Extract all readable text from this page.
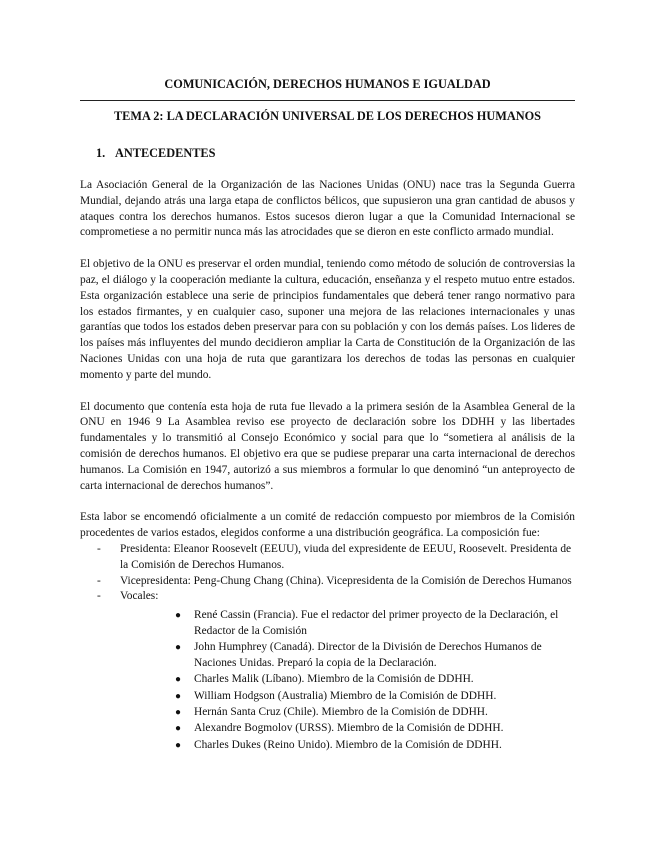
COMUNICACIÓN, DERECHOS HUMANOS E IGUALDAD
TEMA 2: LA DECLARACIÓN UNIVERSAL DE LOS DERECHOS HUMANOS
1. ANTECEDENTES

La Asociación General de la Organización de las Naciones Unidas (ONU) nace tras la Segunda Guerra Mundial, dejando atrás una larga etapa de conflictos bélicos, que supusieron una gran cantidad de abusos y ataques contra los derechos humanos. Estos sucesos dieron lugar a que la Comunidad Internacional se comprometiese a no permitir nunca más las atrocidades que se dieron en este conflicto armado mundial.

El objetivo de la ONU es preservar el orden mundial, teniendo como método de solución de controversias la paz, el diálogo y la cooperación mediante la cultura, educación, enseñanza y el respeto mutuo entre estados. Esta organización establece una serie de principios fundamentales que deberá tener rango normativo para los estados firmantes, y en cualquier caso, suponer una mejora de las relaciones internacionales y unas garantías que todos los estados deben preservar para con su población y con los demás países. Los lideres de los países más influyentes del mundo decidieron ampliar la Carta de Constitución de la Organización de las Naciones Unidas con una hoja de ruta que garantizara los derechos de todas las personas en cualquier momento y parte del mundo.

El documento que contenía esta hoja de ruta fue llevado a la primera sesión de la Asamblea General de la ONU en 1946 9 La Asamblea reviso ese proyecto de declaración sobre los DDHH y las libertades fundamentales y lo transmitió al Consejo Económico y social para que lo “sometiera al análisis de la comisión de derechos humanos. El objetivo era que se pudiese preparar una carta internacional de derechos humanos. La Comisión en 1947, autorizó a sus miembros a formular lo que denominó “un anteproyecto de carta internacional de derechos humanos”.

Esta labor se encomendó oficialmente a un comité de redacción compuesto por miembros de la Comisión procedentes de varios estados, elegidos conforme a una distribución geográfica. La composición fue:

- Presidenta: Eleanor Roosevelt (EEUU), viuda del expresidente de EEUU, Roosevelt. Presidenta de la Comisión de Derechos Humanos.
- Vicepresidenta: Peng-Chung Chang (China). Vicepresidenta de la Comisión de Derechos Humanos
- Vocales:
● René Cassin (Francia). Fue el redactor del primer proyecto de la Declaración, el Redactor de la Comisión
● John Humphrey (Canadá). Director de la División de Derechos Humanos de Naciones Unidas. Preparó la copia de la Declaración.
● Charles Malik (Líbano). Miembro de la Comisión de DDHH.
● William Hodgson (Australia) Miembro de la Comisión de DDHH.
● Hernán Santa Cruz (Chile). Miembro de la Comisión de DDHH.
● Alexandre Bogmolov (URSS). Miembro de la Comisión de DDHH.
● Charles Dukes (Reino Unido). Miembro de la Comisión de DDHH.
